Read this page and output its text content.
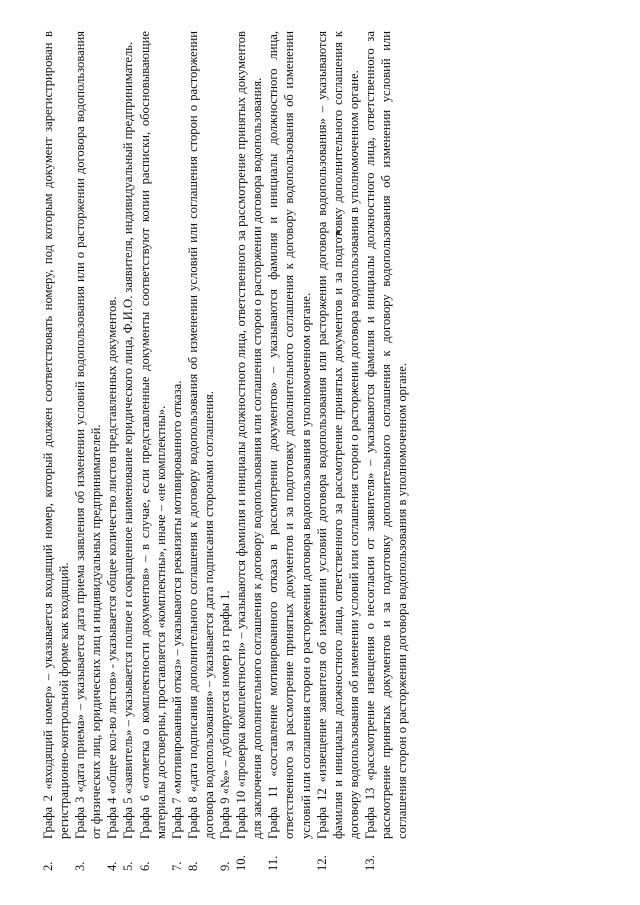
2.
Графа 2 «входящий номер» – указывается входящий номер, который должен соответствовать номеру, под которым документ зарегистрирован в регистрационно-контрольной форме как входящий.
3.
Графа 3 «дата приема» – указывается дата приема заявления об изменении условий водопользования или о расторжении договора водопользования от физических лиц, юридических лиц и индивидуальных предпринимателей.
4.
Графа 4 «общее кол-во листов» - указывается общее количество листов представленных документов.
5.
Графа 5 «заявитель» – указывается полное и сокращенное наименование юридического лица, Ф.И.О. заявителя, индивидуальный предприниматель.
6.
Графа 6 «отметка о комплектности документов» – в случае, если представленные документы соответствуют копии расписки, обосновывающие материалы достоверны, проставляется «комплектны», иначе – «не комплектны».
7.
Графа 7 «мотивированный отказ» – указываются реквизиты мотивированного отказа.
8.
Графа 8 «дата подписания дополнительного соглашения к договору водопользования об изменении условий или соглашения сторон о расторжении договора водопользования» – указывается дата подписания сторонами соглашения.
9.
Графа 9 «№» – дублируется номер из графы 1.
10.
Графа 10 «проверка комплектности» – указываются фамилия и инициалы должностного лица, ответственного за рассмотрение принятых документов для заключения дополнительного соглашения к договору водопользования или соглашения сторон о расторжении договора водопользования.
11.
Графа 11 «составление мотивированного отказа в рассмотрении документов» – указываются фамилия и инициалы должностного лица, ответственного за рассмотрение принятых документов и за подготовку дополнительного соглашения к договору водопользования об изменении условий или соглашения сторон о расторжении договора водопользования в уполномоченном органе.
12.
Графа 12 «извещение заявителя об изменении условий договора водопользования или расторжении договора водопользования» – указываются фамилия и инициалы должностного лица, ответственного за рассмотрение принятых документов и за подготовку дополнительного соглашения к договору водопользования об изменении условий или соглашения сторон о расторжении договора водопользования в уполномоченном органе.
13.
Графа 13 «рассмотрение извещения о несогласии от заявителя» – указываются фамилия и инициалы должностного лица, ответственного за рассмотрение принятых документов и за подготовку дополнительного соглашения к договору водопользования об изменении условий или соглашения сторон о расторжении договора водопользования в уполномоченном органе.
